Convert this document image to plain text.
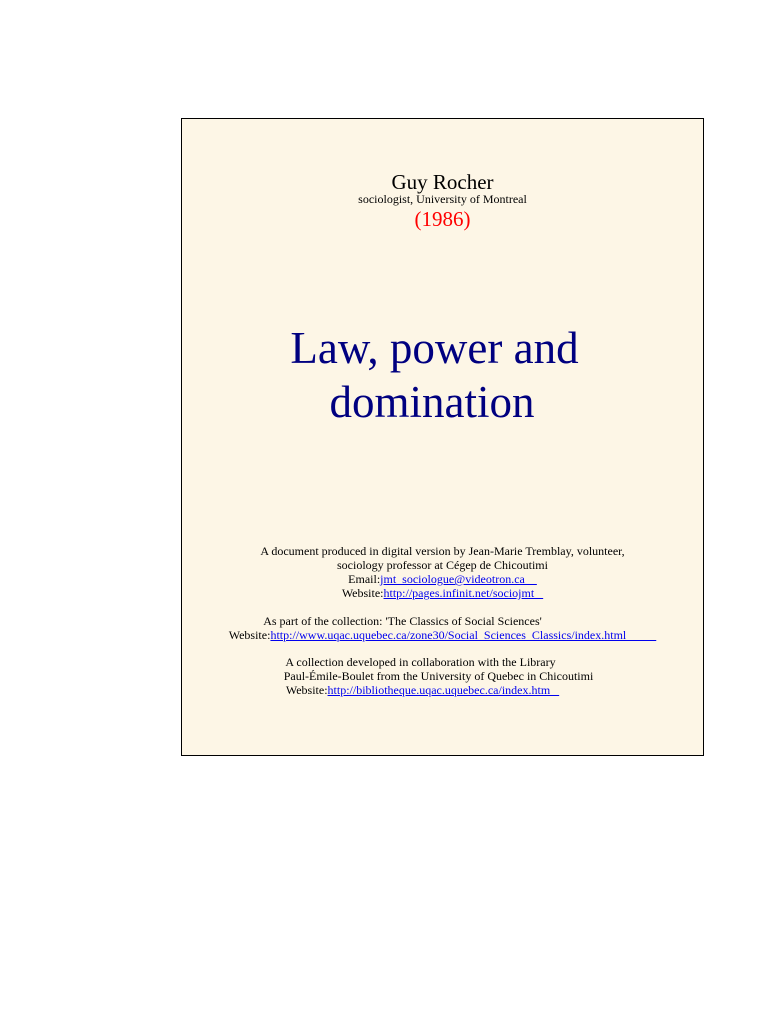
Guy Rocher
sociologist, University of Montreal
(1986)
Law, power and
domination
A document produced in digital version by Jean-Marie Tremblay, volunteer,
sociology professor at Cégep de Chicoutimi
Email:jmt_sociologue@videotron.ca
Website:http://pages.infinit.net/sociojmt
As part of the collection: 'The Classics of Social Sciences'
Website:http://www.uqac.uquebec.ca/zone30/Social_Sciences_Classics/index.html
A collection developed in collaboration with the Library
Paul-Émile-Boulet from the University of Quebec in Chicoutimi
Website:http://bibliotheque.uqac.uquebec.ca/index.htm
